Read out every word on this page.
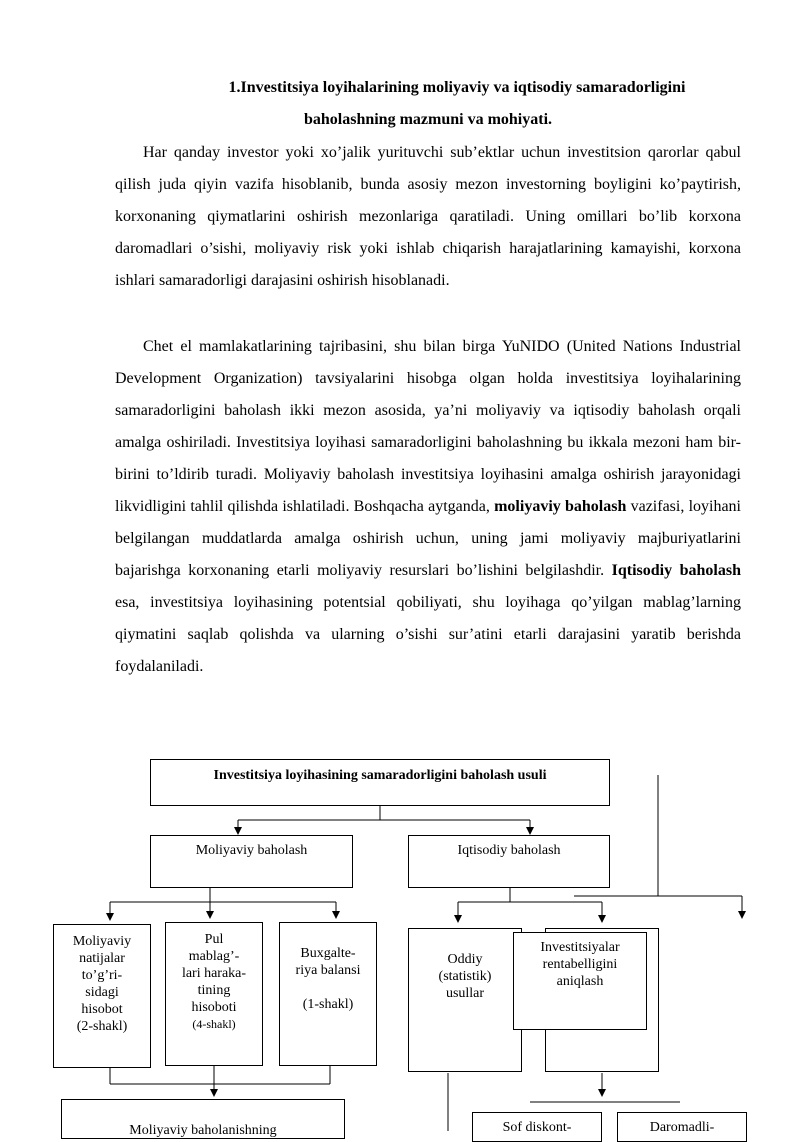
1.Investitsiya loyihalarining moliyaviy va iqtisodiy samaradorligini
baholashning mazmuni va mohiyati.

Har qanday investor yoki xo’jalik yurituvchi sub’ektlar uchun investitsion qarorlar qabul qilish juda qiyin vazifa hisoblanib, bunda asosiy mezon investorning boyligini ko’paytirish, korxonaning qiymatlarini oshirish mezonlariga qaratiladi. Uning omillari bo’lib korxona daromadlari o’sishi, moliyaviy risk yoki ishlab chiqarish harajatlarining kamayishi, korxona ishlari samaradorligi darajasini oshirish hisoblanadi.

Chet el mamlakatlarining tajribasini, shu bilan birga YuNIDO (United Nations Industrial Development Organization) tavsiyalarini hisobga olgan holda investitsiya loyihalarining samaradorligini baholash ikki mezon asosida, ya’ni moliyaviy va iqtisodiy baholash orqali amalga oshiriladi. Investitsiya loyihasi samaradorligini baholashning bu ikkala mezoni ham bir-birini to’ldirib turadi. Moliyaviy baholash investitsiya loyihasini amalga oshirish jarayonidagi likvidligini tahlil qilishda ishlatiladi. Boshqacha aytganda, moliyaviy baholash vazifasi, loyihani belgilangan muddatlarda amalga oshirish uchun, uning jami moliyaviy majburiyatlarini bajarishga korxonaning etarli moliyaviy resurslari bo’lishini belgilashdir. Iqtisodiy baholash esa, investitsiya loyihasining potentsial qobiliyati, shu loyihaga qo’yilgan mablag’larning qiymatini saqlab qolishda va ularning o’sishi sur’atini etarli darajasini yaratib berishda foydalaniladi.

Investitsiya loyihasining samaradorligini baholash usuli
Moliyaviy baholash	Iqtisodiy baholash
Moliyaviy
natijalar
to’g’ri-
sidagi
hisobot
(2-shakl)
Pul
mablag’-
lari haraka-
tining
hisoboti
(4-shakl)
Buxgalte-
riya balansi
(1-shakl)
Oddiy
(statistik)
usullar
Investitsiyalar
rentabelligini
aniqlash
Moliyaviy baholanishning	Sof diskont-	Daromadli-
